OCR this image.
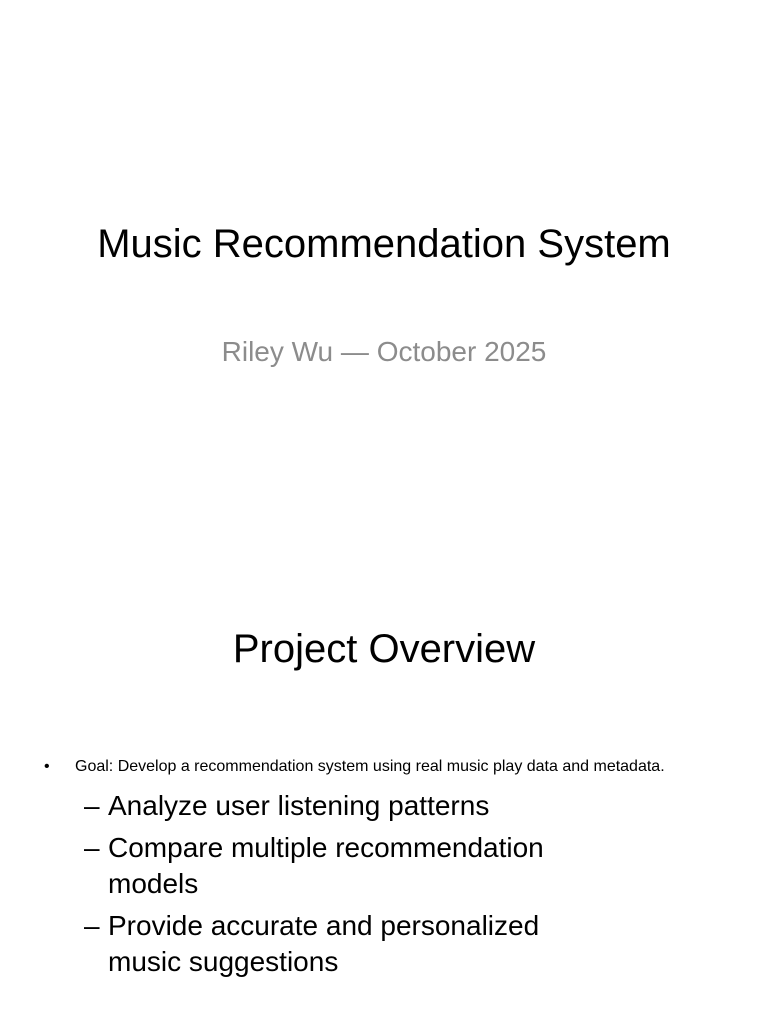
Music Recommendation System
Riley Wu — October 2025
Project Overview
• Goal: Develop a recommendation system using real music play data and metadata.
– Analyze user listening patterns
– Compare multiple recommendation models
– Provide accurate and personalized music suggestions
